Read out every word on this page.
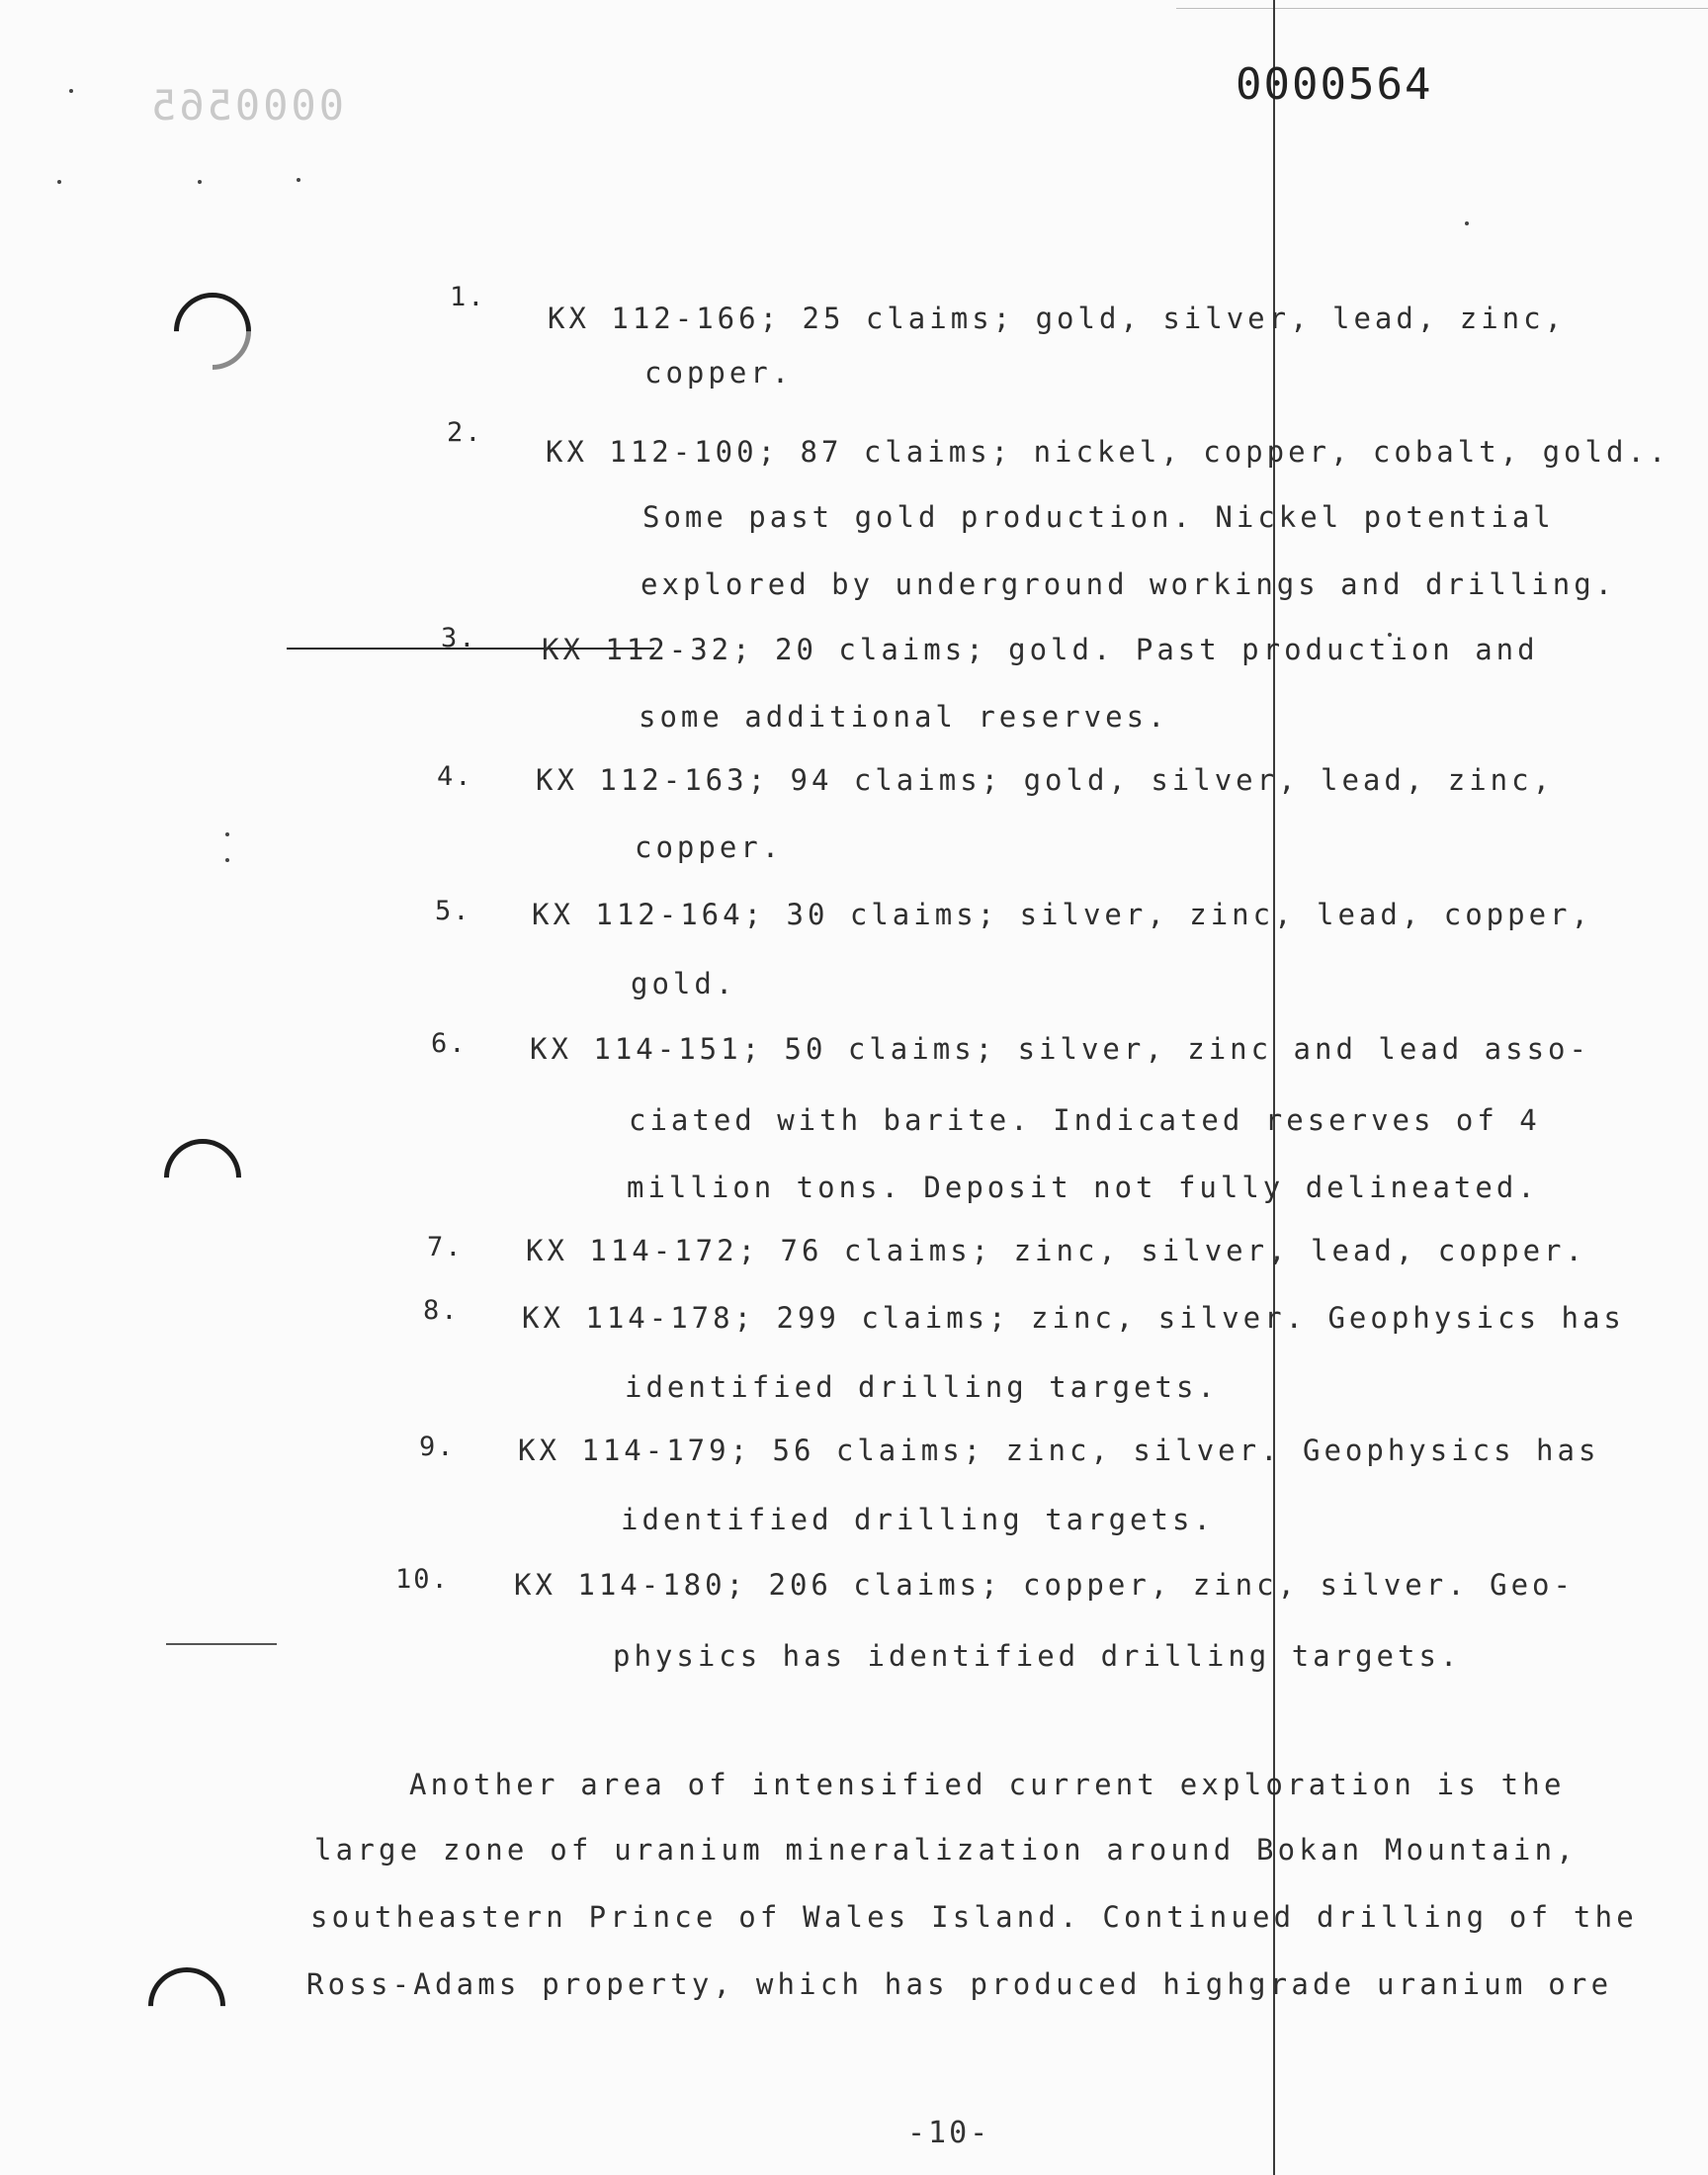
0000564
0000565
1.
KX 112-166; 25 claims; gold, silver, lead, zinc,
copper.
2.
KX 112-100; 87 claims; nickel, copper, cobalt, gold..
Some past gold production. Nickel potential
explored by underground workings and drilling.
3. KX 112-32; 20 claims; gold. Past production and
some additional reserves.
4. KX 112-163; 94 claims; gold, silver, lead, zinc,
copper.
5. KX 112-164; 30 claims; silver, zinc, lead, copper,
gold.
6. KX 114-151; 50 claims; silver, zinc and lead asso-
ciated with barite. Indicated reserves of 4
million tons. Deposit not fully delineated.
7. KX 114-172; 76 claims; zinc, silver, lead, copper.
8. KX 114-178; 299 claims; zinc, silver. Geophysics has
identified drilling targets.
9. KX 114-179; 56 claims; zinc, silver. Geophysics has
identified drilling targets.
10. KX 114-180; 206 claims; copper, zinc, silver. Geo-
physics has identified drilling targets.
Another area of intensified current exploration is the
large zone of uranium mineralization around Bokan Mountain,
southeastern Prince of Wales Island. Continued drilling of the
Ross-Adams property, which has produced highgrade uranium ore
-10-
